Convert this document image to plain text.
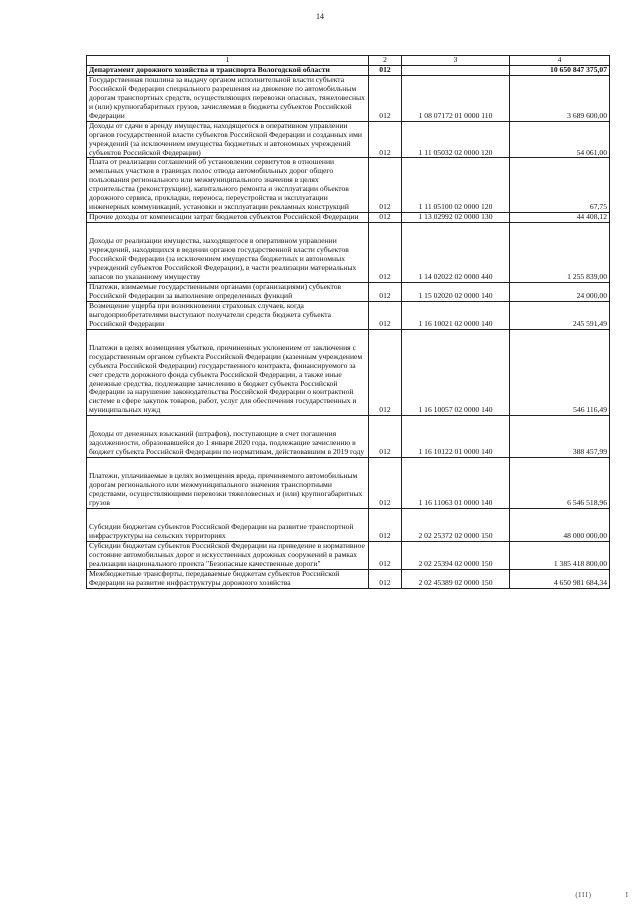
14
1	2	3	4
Департамент дорожного хозяйства и транспорта Вологодской области	012		10 650 847 375,07
Государственная пошлина за выдачу органом исполнительной власти субъекта Российской Федерации специального разрешения на движение по автомобильным дорогам транспортных средств, осуществляющих перевозки опасных, тяжеловесных и (или) крупногабаритных грузов, зачисляемая в бюджеты субъектов Российской Федерации	012	1 08 07172 01 0000 110	3 689 600,00
Доходы от сдачи в аренду имущества, находящегося в оперативном управлении органов государственной власти субъектов Российской Федерации и созданных ими учреждений (за исключением имущества бюджетных и автономных учреждений субъектов Российской Федерации)	012	1 11 05032 02 0000 120	54 061,00
Плата от реализации соглашений об установлении сервитутов в отношении земельных участков в границах полос отвода автомобильных дорог общего пользования регионального или межмуниципального значения в целях строительства (реконструкции), капитального ремонта и эксплуатации объектов дорожного сервиса, прокладки, переноса, переустройства и эксплуатации инженерных коммуникаций, установки и эксплуатации рекламных конструкций	012	1 11 05100 02 0000 120	67,75
Прочие доходы от компенсации затрат бюджетов субъектов Российской Федерации	012	1 13 02992 02 0000 130	44 408,12
Доходы от реализации имущества, находящегося в оперативном управлении учреждений, находящихся в ведении органов государственной власти субъектов Российской Федерации (за исключением имущества бюджетных и автономных учреждений субъектов Российской Федерации), в части реализации материальных запасов по указанному имуществу	012	1 14 02022 02 0000 440	1 255 839,00
Платежи, взимаемые государственными органами (организациями) субъектов Российской Федерации за выполнение определенных функций	012	1 15 02020 02 0000 140	24 000,00
Возмещение ущерба при возникновении страховых случаев, когда выгодоприобретателями выступают получатели средств бюджета субъекта Российской Федерации	012	1 16 10021 02 0000 140	245 591,49
Платежи в целях возмещения убытков, причиненных уклонением от заключения с государственным органом субъекта Российской Федерации (казенным учреждением субъекта Российской Федерации) государственного контракта, финансируемого за счет средств дорожного фонда субъекта Российской Федерации, а также иные денежные средства, подлежащие зачислению в бюджет субъекта Российской Федерации за нарушение законодательства Российской Федерации о контрактной системе в сфере закупок товаров, работ, услуг для обеспечения государственных и муниципальных нужд	012	1 16 10057 02 0000 140	546 116,49
Доходы от денежных взысканий (штрафов), поступающие в счет погашения задолженности, образовавшейся до 1 января 2020 года, подлежащие зачислению в бюджет субъекта Российской Федерации по нормативам, действовавшим в 2019 году	012	1 16 10122 01 0000 140	388 457,99
Платежи, уплачиваемые в целях возмещения вреда, причиняемого автомобильным дорогам регионального или межмуниципального значения транспортными средствами, осуществляющими перевозки тяжеловесных и (или) крупногабаритных грузов	012	1 16 11063 01 0000 140	6 546 518,96
Субсидии бюджетам субъектов Российской Федерации на развитие транспортной инфраструктуры на сельских территориях	012	2 02 25372 02 0000 150	48 000 000,00
Субсидии бюджетам субъектов Российской Федерации на приведение в нормативное состояние автомобильных дорог и искусственных дорожных сооружений в рамках реализации национального проекта "Безопасные качественные дороги"	012	2 02 25394 02 0000 150	1 385 418 800,00
Межбюджетные трансферты, передаваемые бюджетам субъектов Российской Федерации на развитие инфраструктуры дорожного хозяйства	012	2 02 45389 02 0000 150	4 650 981 684,34
(III)	I
